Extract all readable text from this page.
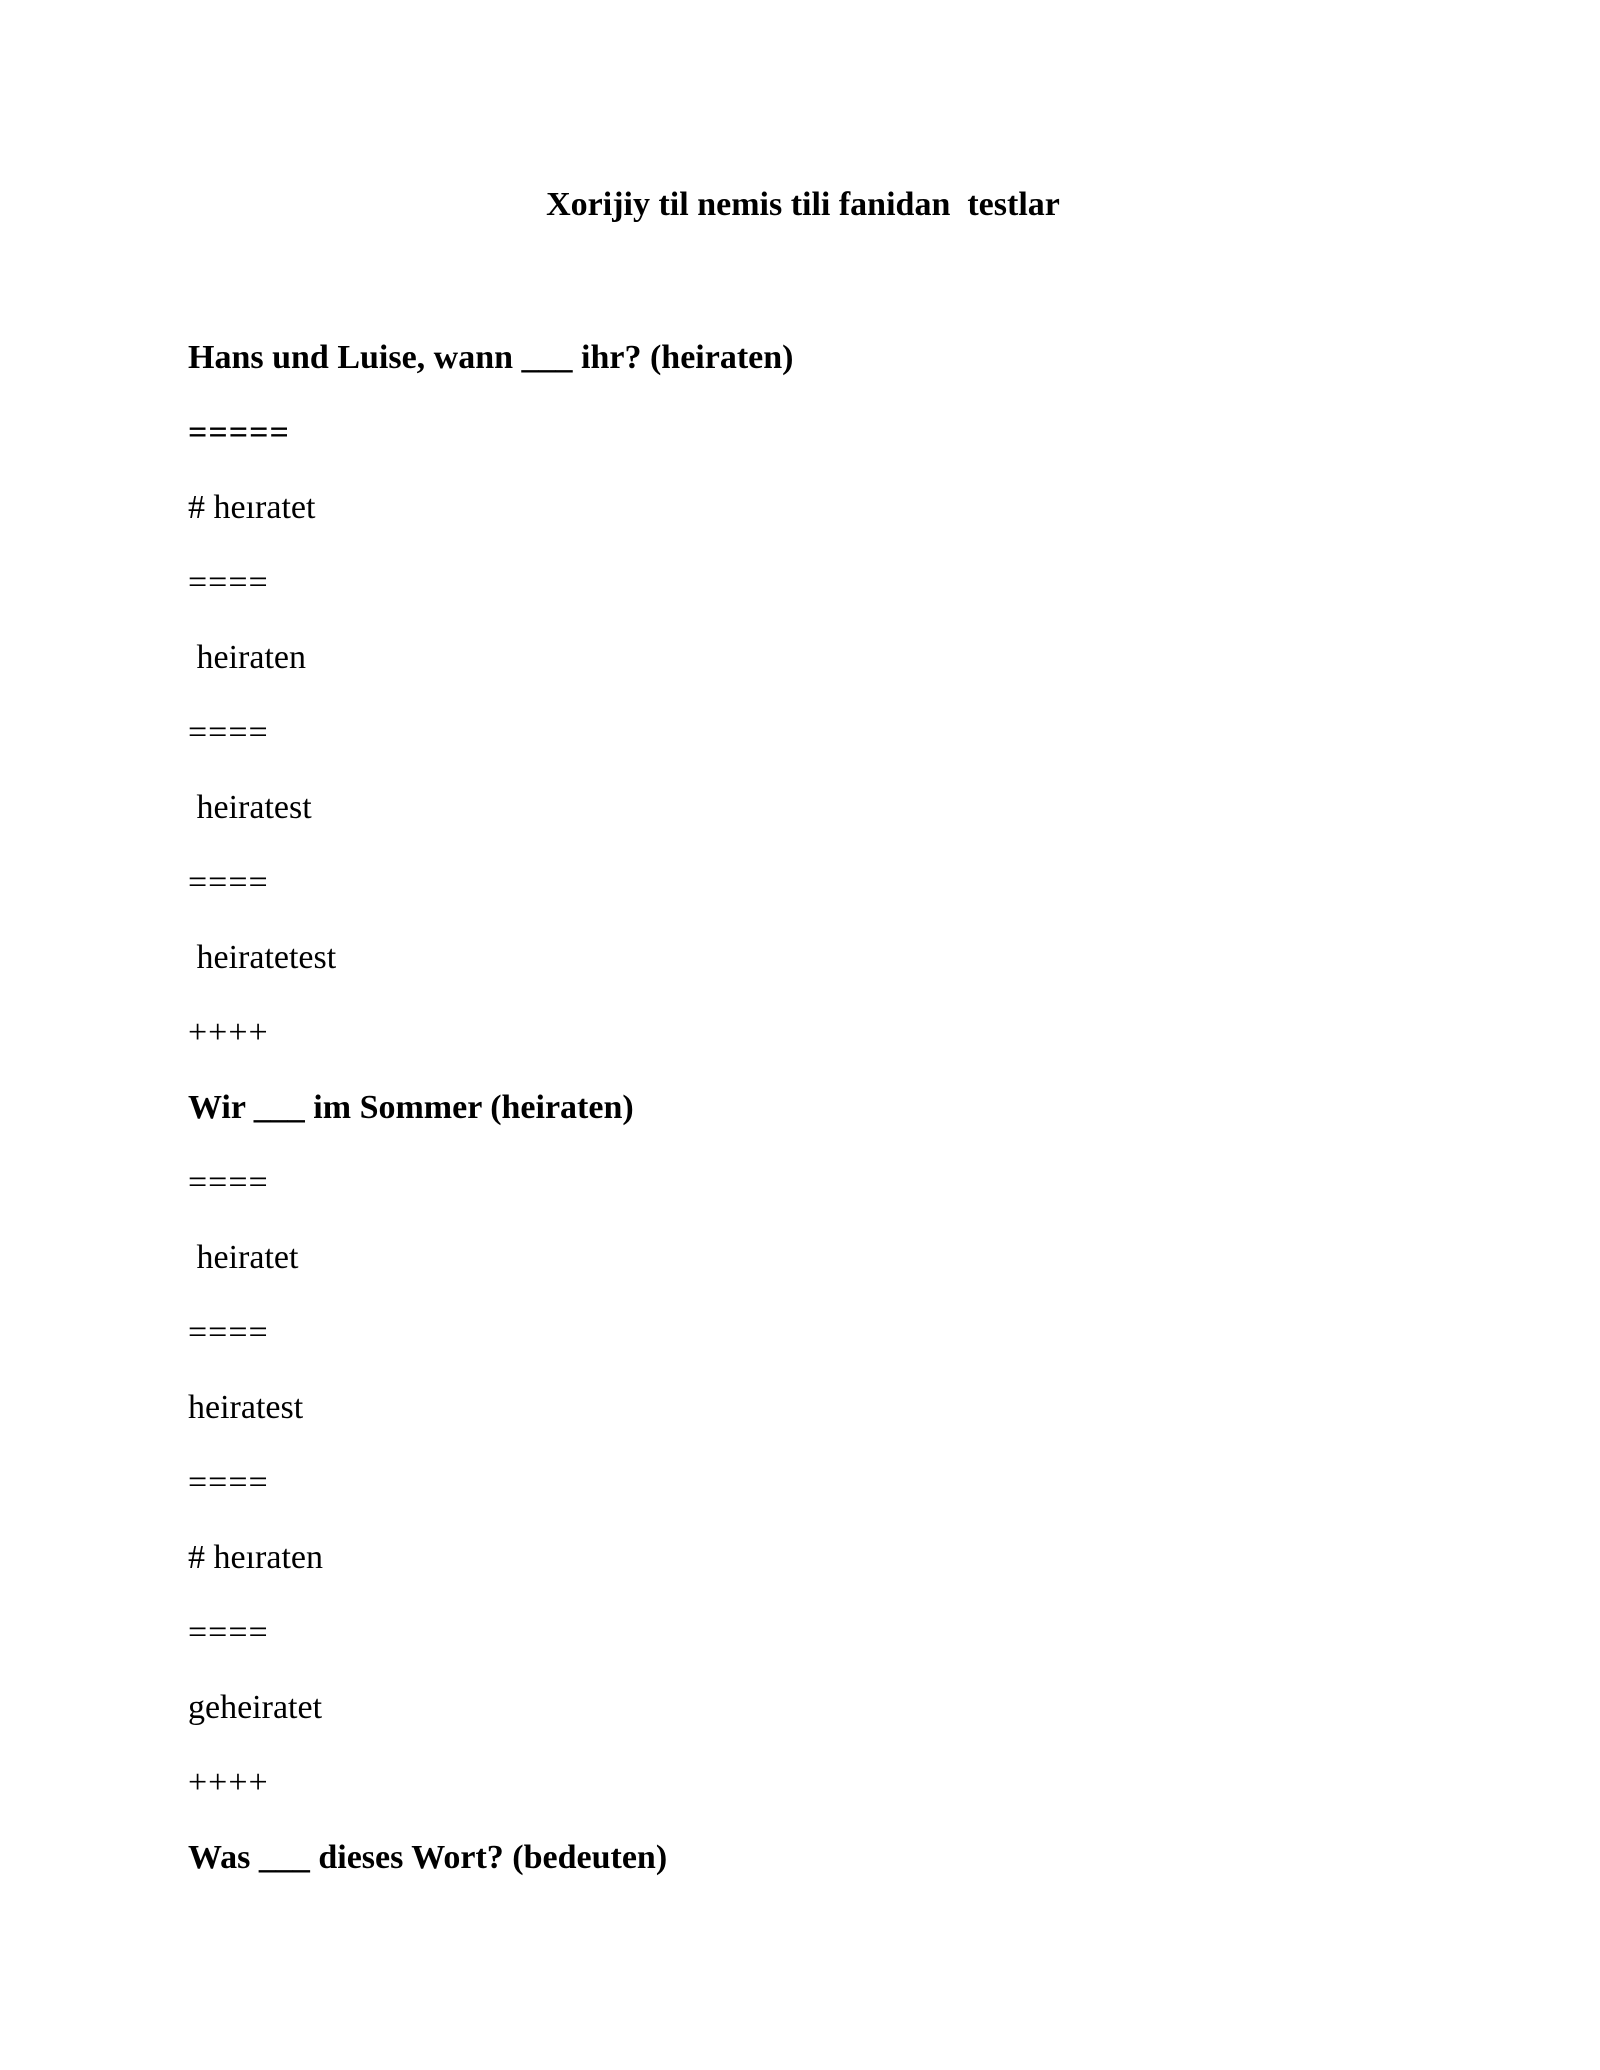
Xorijiy til nemis tili fanidan  testlar
Hans und Luise, wann ___ ihr? (heiraten)
=====
# hеıratet
====
heiraten
====
heiratest
====
heiratetest
++++
Wir ___ im Sommer (heiraten)
====
heiratet
====
heiratest
====
# hеıraten
====
geheiratet
++++
Was ___ dieses Wort? (bedeuten)
